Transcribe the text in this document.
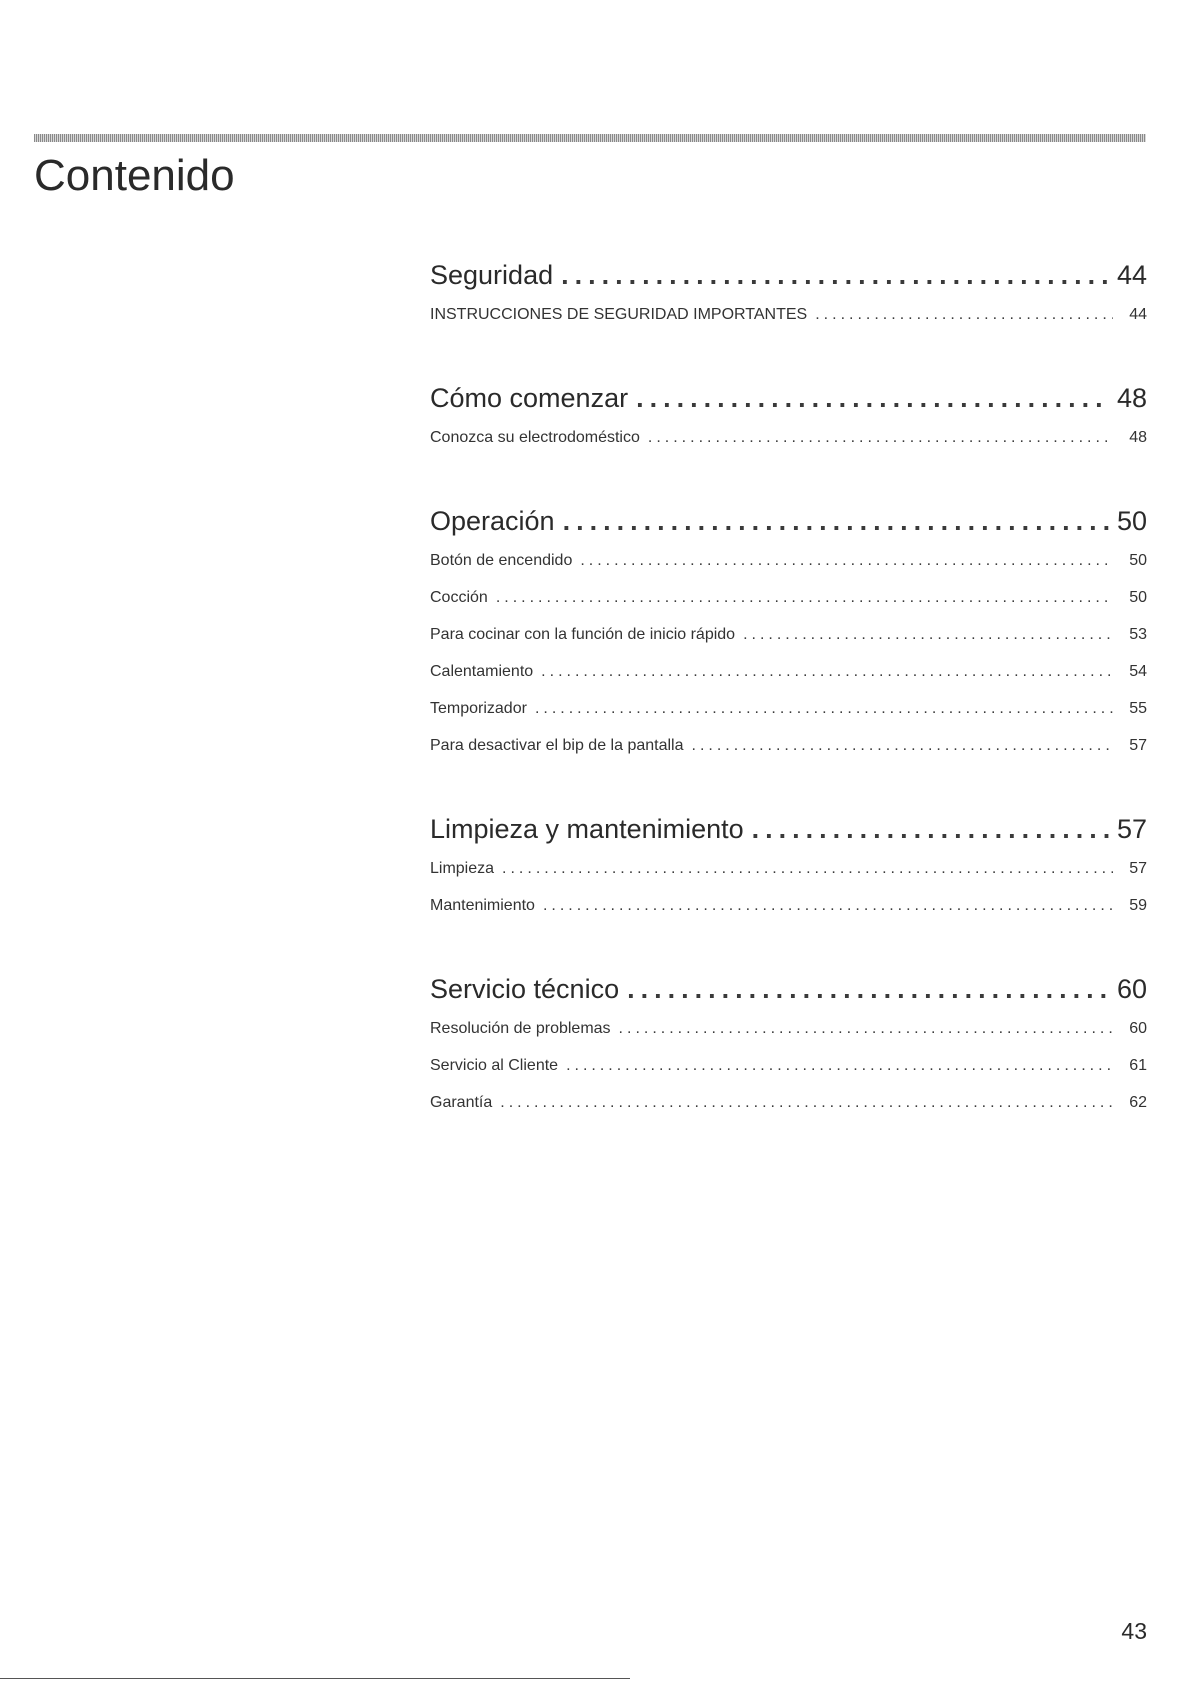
Contenido
Seguridad .....	44
INSTRUCCIONES DE SEGURIDAD IMPORTANTES .....	44
Cómo comenzar .....	48
Conozca su electrodoméstico .....	48
Operación .....	50
Botón de encendido .....	50
Cocción .....	50
Para cocinar con la función de inicio rápido .....	53
Calentamiento .....	54
Temporizador .....	55
Para desactivar el bip de la pantalla .....	57
Limpieza y mantenimiento .....	57
Limpieza .....	57
Mantenimiento .....	59
Servicio técnico .....	60
Resolución de problemas .....	60
Servicio al Cliente .....	61
Garantía .....	62
43
